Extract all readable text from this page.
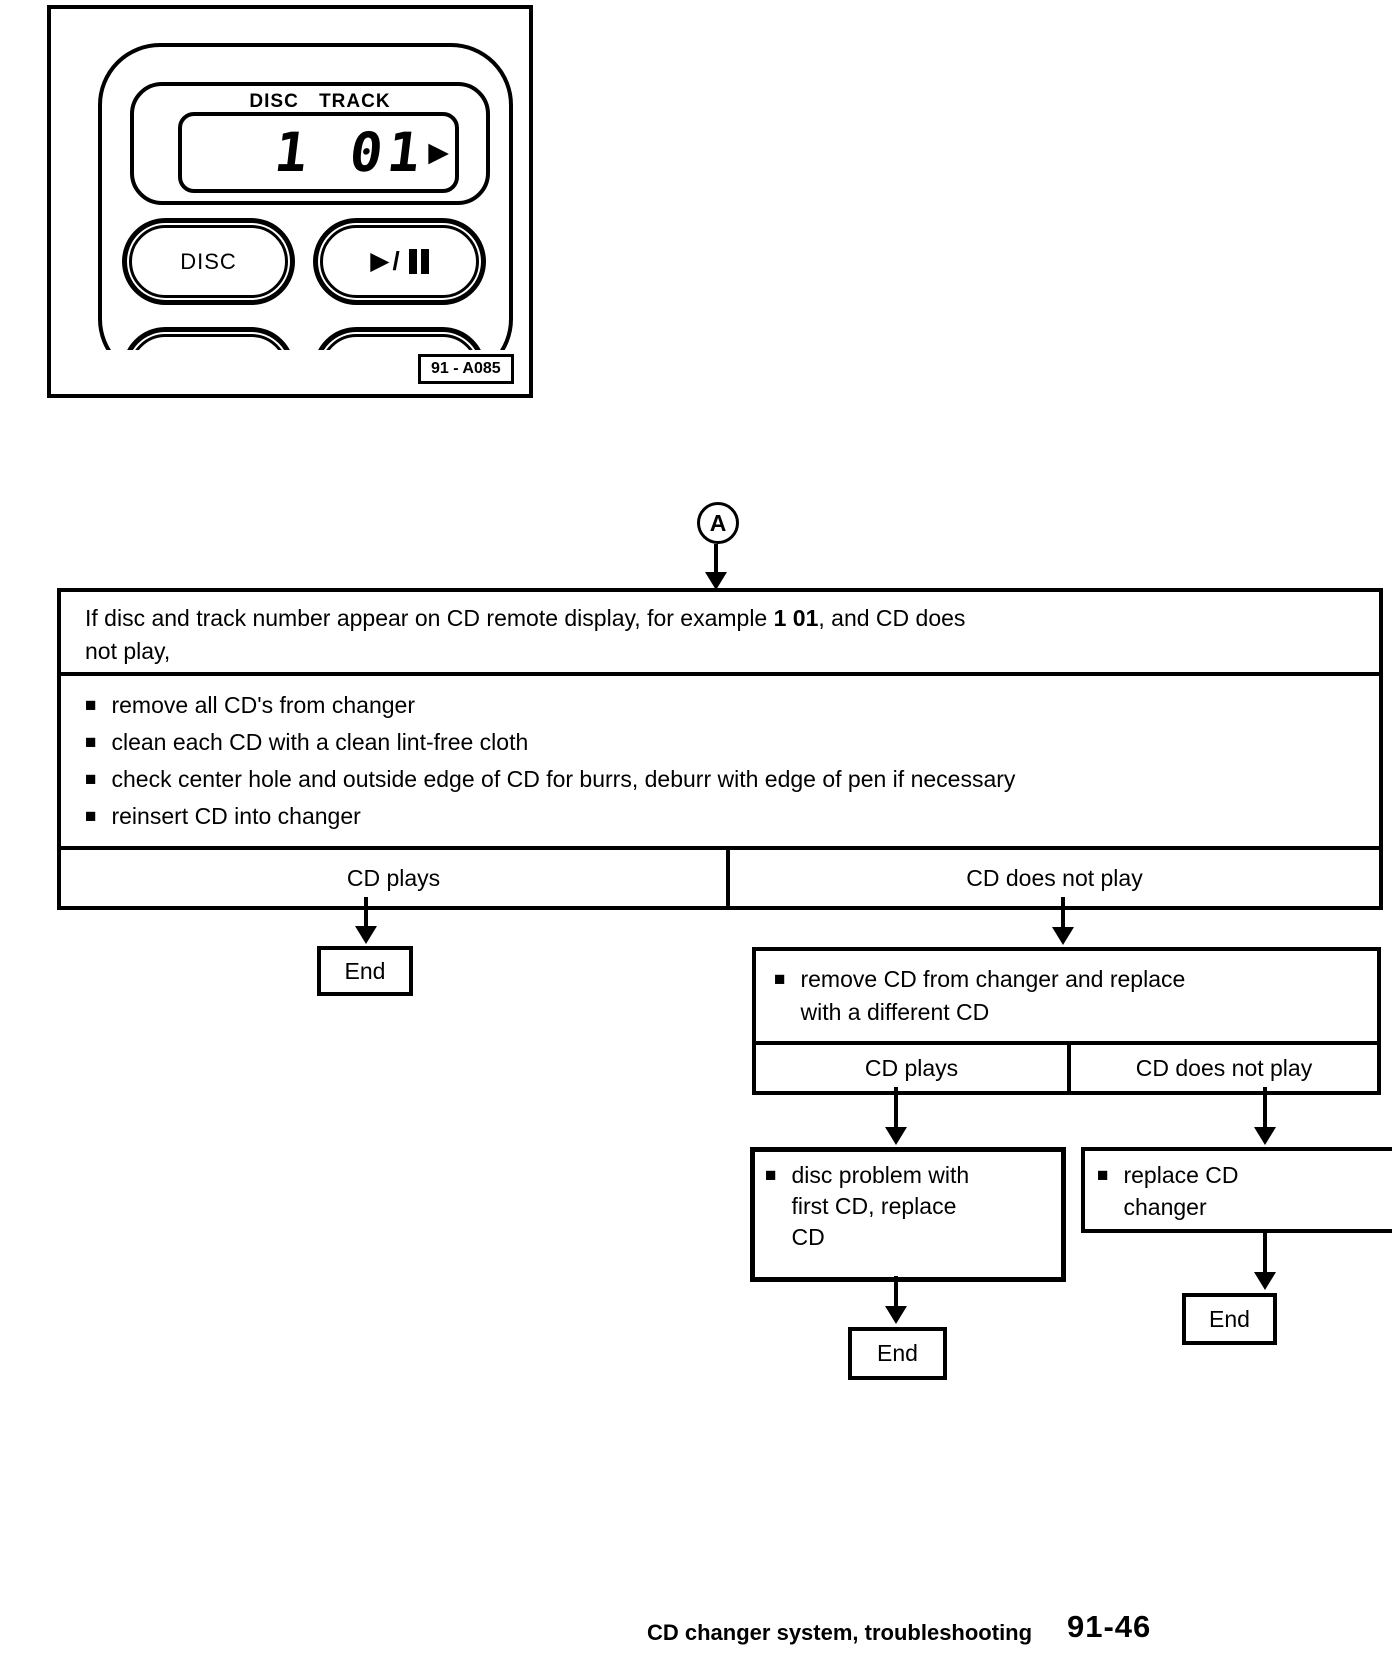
DISC TRACK
1 01 ▶
DISC	▶ /
91 - A085
A
If disc and track number appear on CD remote display, for example 1 01, and CD does
not play,
■ remove all CD's from changer
■ clean each CD with a clean lint-free cloth
■ check center hole and outside edge of CD for burrs, deburr with edge of pen if necessary
■ reinsert CD into changer
CD plays	CD does not play
End	■ remove CD from changer and replace
with a different CD
CD plays	CD does not play
■ disc problem with
first CD, replace
CD
■ replace CD
changer
End
End
CD changer system, troubleshooting 91-46
